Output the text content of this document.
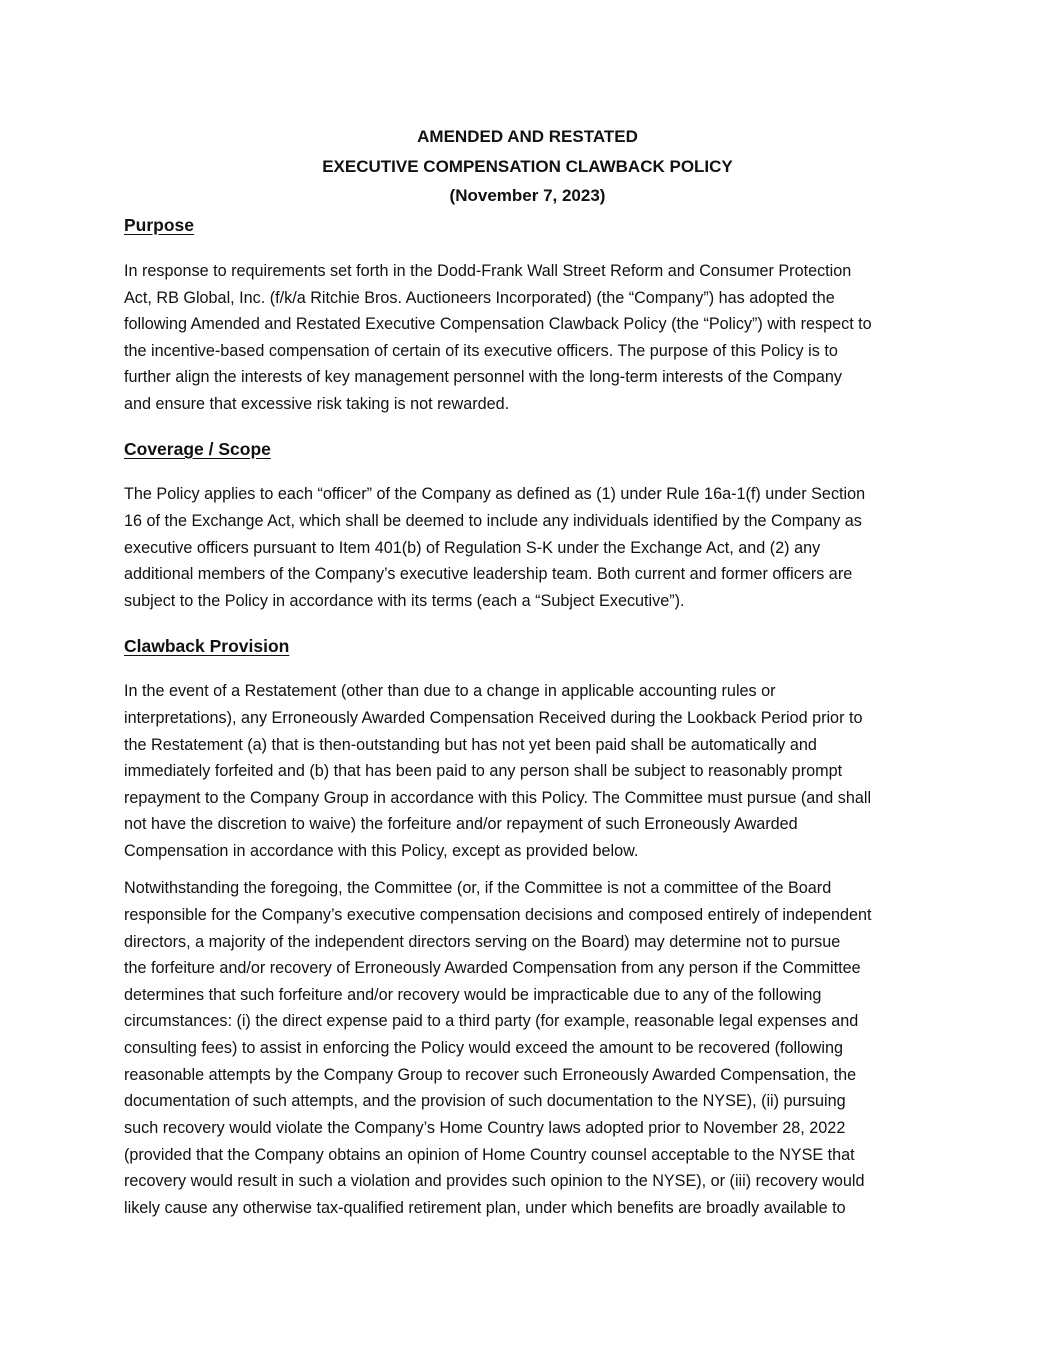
AMENDED AND RESTATED
EXECUTIVE COMPENSATION CLAWBACK POLICY
(November 7, 2023)
Purpose
In response to requirements set forth in the Dodd-Frank Wall Street Reform and Consumer Protection
Act, RB Global, Inc. (f/k/a Ritchie Bros. Auctioneers Incorporated) (the “Company”) has adopted the
following Amended and Restated Executive Compensation Clawback Policy (the “Policy”) with respect to
the incentive-based compensation of certain of its executive officers. The purpose of this Policy is to
further align the interests of key management personnel with the long-term interests of the Company
and ensure that excessive risk taking is not rewarded.
Coverage / Scope
The Policy applies to each “officer” of the Company as defined as (1) under Rule 16a-1(f) under Section
16 of the Exchange Act, which shall be deemed to include any individuals identified by the Company as
executive officers pursuant to Item 401(b) of Regulation S-K under the Exchange Act, and (2) any
additional members of the Company’s executive leadership team. Both current and former officers are
subject to the Policy in accordance with its terms (each a “Subject Executive”).
Clawback Provision
In the event of a Restatement (other than due to a change in applicable accounting rules or
interpretations), any Erroneously Awarded Compensation Received during the Lookback Period prior to
the Restatement (a) that is then-outstanding but has not yet been paid shall be automatically and
immediately forfeited and (b) that has been paid to any person shall be subject to reasonably prompt
repayment to the Company Group in accordance with this Policy. The Committee must pursue (and shall
not have the discretion to waive) the forfeiture and/or repayment of such Erroneously Awarded
Compensation in accordance with this Policy, except as provided below.
Notwithstanding the foregoing, the Committee (or, if the Committee is not a committee of the Board
responsible for the Company’s executive compensation decisions and composed entirely of independent
directors, a majority of the independent directors serving on the Board) may determine not to pursue
the forfeiture and/or recovery of Erroneously Awarded Compensation from any person if the Committee
determines that such forfeiture and/or recovery would be impracticable due to any of the following
circumstances: (i) the direct expense paid to a third party (for example, reasonable legal expenses and
consulting fees) to assist in enforcing the Policy would exceed the amount to be recovered (following
reasonable attempts by the Company Group to recover such Erroneously Awarded Compensation, the
documentation of such attempts, and the provision of such documentation to the NYSE), (ii) pursuing
such recovery would violate the Company’s Home Country laws adopted prior to November 28, 2022
(provided that the Company obtains an opinion of Home Country counsel acceptable to the NYSE that
recovery would result in such a violation and provides such opinion to the NYSE), or (iii) recovery would
likely cause any otherwise tax-qualified retirement plan, under which benefits are broadly available to
